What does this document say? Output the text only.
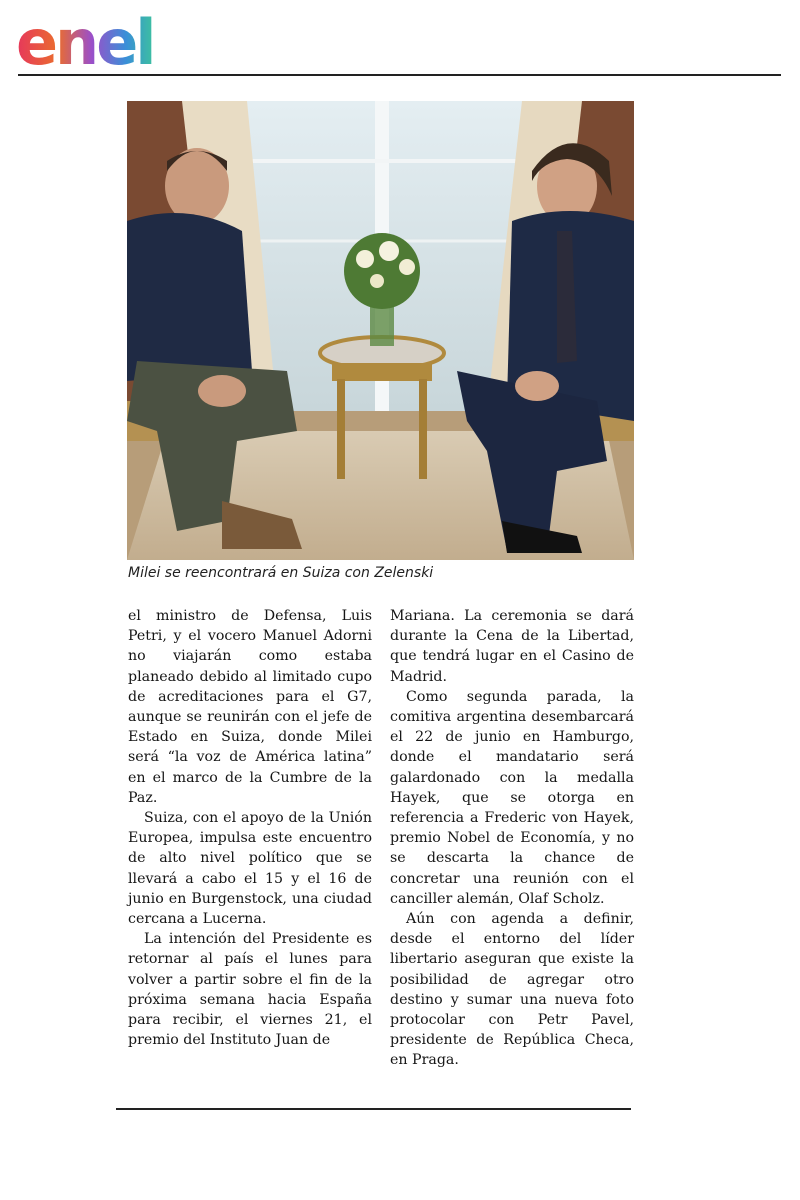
enel
Milei se reencontrará en Suiza con Zelenski

el ministro de Defensa, Luis Petri, y el vocero Manuel Adorni no viajarán como estaba planeado debido al limitado cupo de acreditaciones para el G7, aunque se reunirán con el jefe de Estado en Suiza, donde Milei será “la voz de América latina” en el marco de la Cumbre de la Paz.

Suiza, con el apoyo de la Unión Europea, impulsa este encuentro de alto nivel político que se llevará a cabo el 15 y el 16 de junio en Burgenstock, una ciudad cercana a Lucerna.

La intención del Presidente es retornar al país el lunes para volver a partir sobre el fin de la próxima semana hacia España para recibir, el viernes 21, el premio del Instituto Juan de

Mariana. La ceremonia se dará durante la Cena de la Libertad, que tendrá lugar en el Casino de Madrid.

Como segunda parada, la comitiva argentina desembarcará el 22 de junio en Hamburgo, donde el mandatario será galardonado con la medalla Hayek, que se otorga en referencia a Frederic von Hayek, premio Nobel de Economía, y no se descarta la chance de concretar una reunión con el canciller alemán, Olaf Scholz.

Aún con agenda a definir, desde el entorno del líder libertario aseguran que existe la posibilidad de agregar otro destino y sumar una nueva foto protocolar con Petr Pavel, presidente de República Checa, en Praga.
